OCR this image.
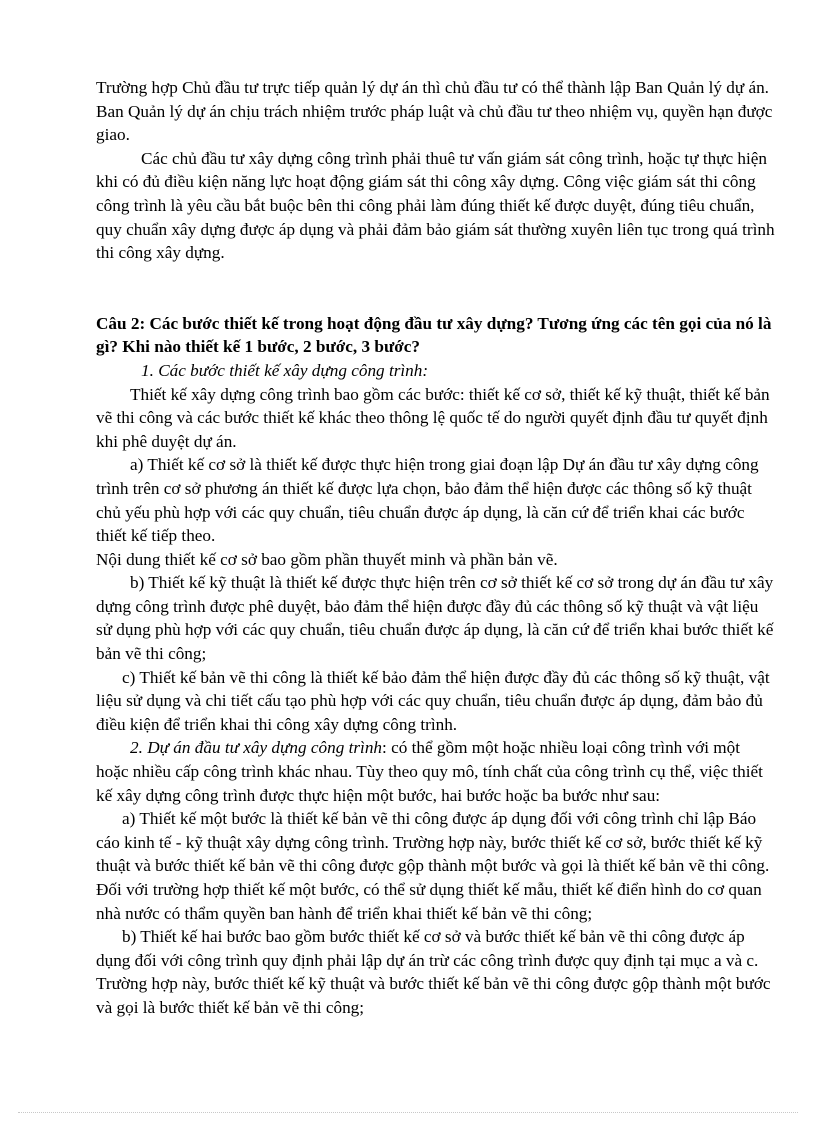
Trường hợp Chủ đầu tư trực tiếp quản lý dự án thì chủ đầu tư có thể thành lập Ban Quản lý dự án. Ban Quản lý dự án chịu trách nhiệm trước pháp luật và chủ đầu tư theo nhiệm vụ, quyền hạn được giao.

Các chủ đầu tư xây dựng công trình phải thuê tư vấn giám sát công trình, hoặc tự thực hiện khi có đủ điều kiện năng lực hoạt động giám sát thi công xây dựng. Công việc giám sát thi công công trình là yêu cầu bắt buộc bên thi công phải làm đúng thiết kế được duyệt, đúng tiêu chuẩn, quy chuẩn xây dựng được áp dụng và phải đảm bảo giám sát thường xuyên liên tục trong quá trình thi công xây dựng.

Câu 2: Các bước thiết kế trong hoạt động đầu tư xây dựng? Tương ứng các tên gọi của nó là gì? Khi nào thiết kế 1 bước, 2 bước, 3 bước?

1. Các bước thiết kế xây dựng công trình:

Thiết kế xây dựng công trình bao gồm các bước: thiết kế cơ sở, thiết kế kỹ thuật, thiết kế bản vẽ thi công và các bước thiết kế khác theo thông lệ quốc tế do người quyết định đầu tư quyết định khi phê duyệt dự án.

a) Thiết kế cơ sở là thiết kế được thực hiện trong giai đoạn lập Dự án đầu tư xây dựng công trình trên cơ sở phương án thiết kế được lựa chọn, bảo đảm thể hiện được các thông số kỹ thuật chủ yếu phù hợp với các quy chuẩn, tiêu chuẩn được áp dụng, là căn cứ để triển khai các bước thiết kế tiếp theo.

Nội dung thiết kế cơ sở bao gồm phần thuyết minh và phần bản vẽ.

b) Thiết kế kỹ thuật là thiết kế được thực hiện trên cơ sở thiết kế cơ sở trong dự án đầu tư xây dựng công trình được phê duyệt, bảo đảm thể hiện được đầy đủ các thông số kỹ thuật và vật liệu sử dụng phù hợp với các quy chuẩn, tiêu chuẩn được áp dụng, là căn cứ để triển khai bước thiết kế bản vẽ thi công;

c) Thiết kế bản vẽ thi công là thiết kế bảo đảm thể hiện được đầy đủ các thông số kỹ thuật, vật liệu sử dụng và chi tiết cấu tạo phù hợp với các quy chuẩn, tiêu chuẩn được áp dụng, đảm bảo đủ điều kiện để triển khai thi công xây dựng công trình.

2. Dự án đầu tư xây dựng công trình: có thể gồm một hoặc nhiều loại công trình với một hoặc nhiều cấp công trình khác nhau. Tùy theo quy mô, tính chất của công trình cụ thể, việc thiết kế xây dựng công trình được thực hiện một bước, hai bước hoặc ba bước như sau:

a) Thiết kế một bước là thiết kế bản vẽ thi công được áp dụng đối với công trình chỉ lập Báo cáo kinh tế - kỹ thuật xây dựng công trình. Trường hợp này, bước thiết kế cơ sở, bước thiết kế kỹ thuật và bước thiết kế bản vẽ thi công được gộp thành một bước và gọi là thiết kế bản vẽ thi công.

Đối với trường hợp thiết kế một bước, có thể sử dụng thiết kế mẫu, thiết kế điển hình do cơ quan nhà nước có thẩm quyền ban hành để triển khai thiết kế bản vẽ thi công;

b) Thiết kế hai bước bao gồm bước thiết kế cơ sở và bước thiết kế bản vẽ thi công được áp dụng đối với công trình quy định phải lập dự án trừ các công trình được quy định tại mục a và c. Trường hợp này, bước thiết kế kỹ thuật và bước thiết kế bản vẽ thi công được gộp thành một bước và gọi là bước thiết kế bản vẽ thi công;
